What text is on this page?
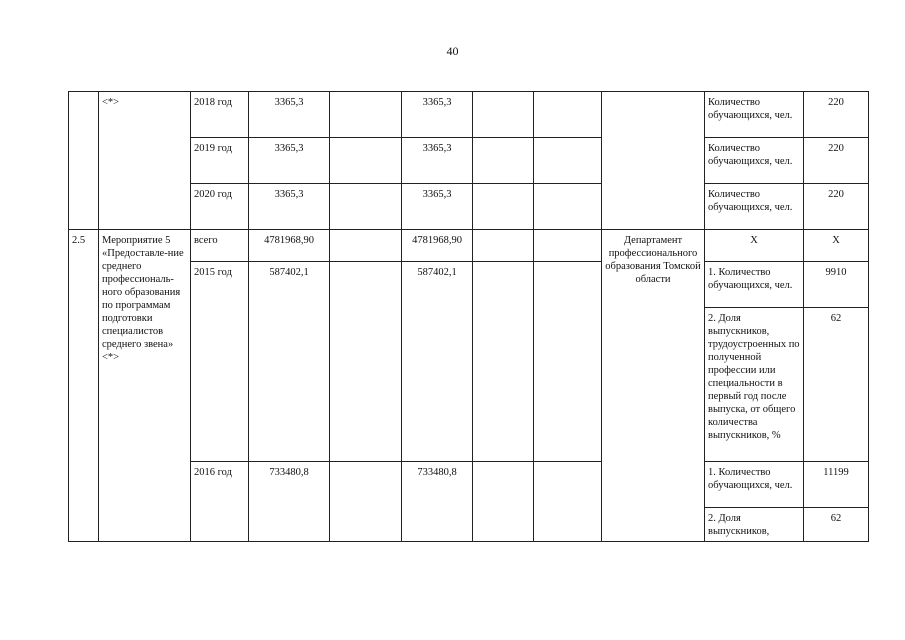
40
	<*>	2018 год	3365,3		3365,3				Количество обучающихся, чел.	220
		2019 год	3365,3		3365,3				Количество обучающихся, чел.	220
		2020 год	3365,3		3365,3				Количество обучающихся, чел.	220
2.5	Мероприятие 5 «Предоставле-ние среднего профессиональ-ного образования по программам подготовки специалистов среднего звена» <*>	всего	4781968,90		4781968,90			Департамент профессионального образования Томской области	X	X
		2015 год	587402,1		587402,1				1. Количество обучающихся, чел.	9910
									2. Доля выпускников, трудоустроенных по полученной профессии или специальности в первый год после выпуска, от общего количества выпускников, %	62
		2016 год	733480,8		733480,8				1. Количество обучающихся, чел.	11199
									2. Доля выпускников,	62
